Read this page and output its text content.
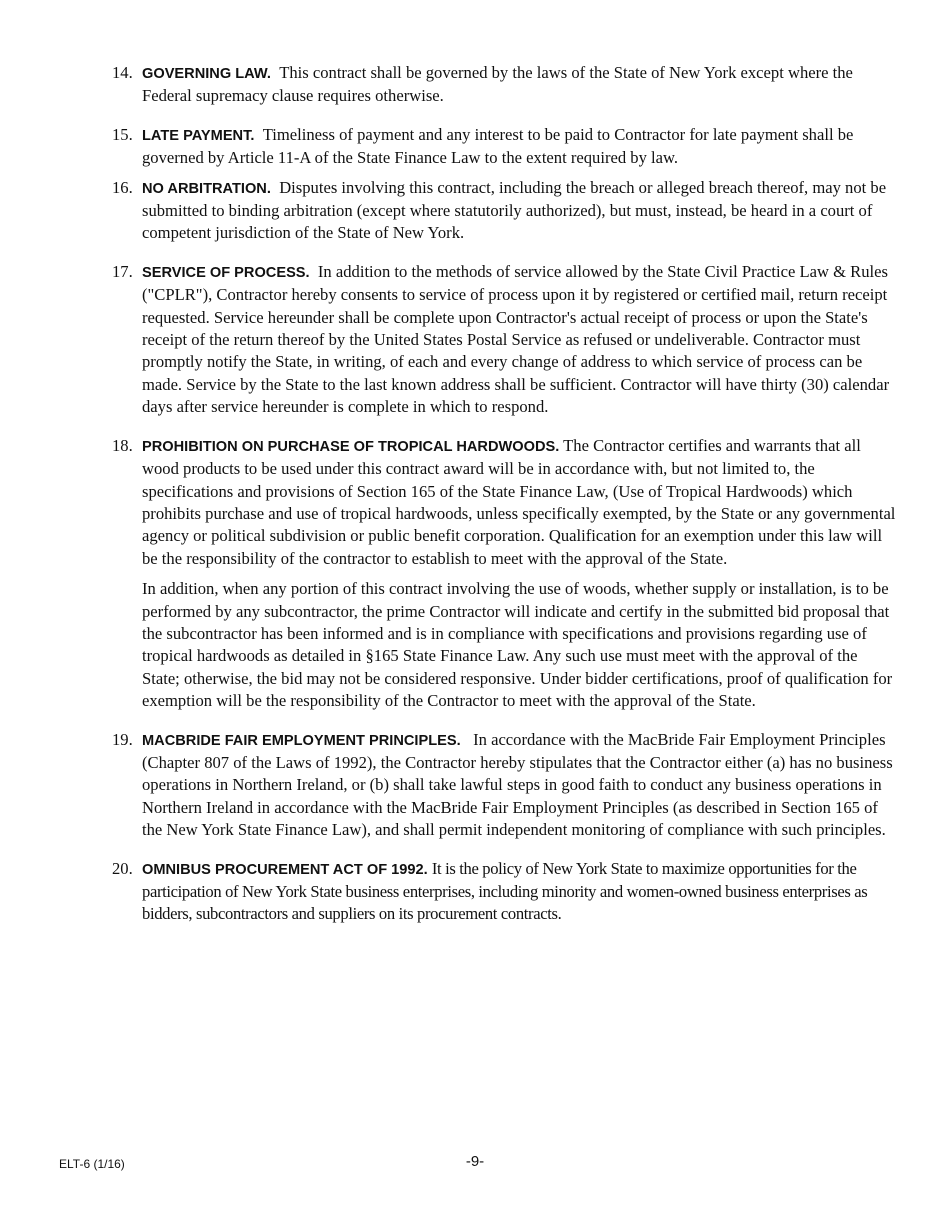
14. GOVERNING LAW. This contract shall be governed by the laws of the State of New York except where the Federal supremacy clause requires otherwise.

15. LATE PAYMENT. Timeliness of payment and any interest to be paid to Contractor for late payment shall be governed by Article 11-A of the State Finance Law to the extent required by law.

16. NO ARBITRATION. Disputes involving this contract, including the breach or alleged breach thereof, may not be submitted to binding arbitration (except where statutorily authorized), but must, instead, be heard in a court of competent jurisdiction of the State of New York.

17. SERVICE OF PROCESS. In addition to the methods of service allowed by the State Civil Practice Law & Rules ("CPLR"), Contractor hereby consents to service of process upon it by registered or certified mail, return receipt requested. Service hereunder shall be complete upon Contractor's actual receipt of process or upon the State's receipt of the return thereof by the United States Postal Service as refused or undeliverable. Contractor must promptly notify the State, in writing, of each and every change of address to which service of process can be made. Service by the State to the last known address shall be sufficient. Contractor will have thirty (30) calendar days after service hereunder is complete in which to respond.

18. PROHIBITION ON PURCHASE OF TROPICAL HARDWOODS. The Contractor certifies and warrants that all wood products to be used under this contract award will be in accordance with, but not limited to, the specifications and provisions of Section 165 of the State Finance Law, (Use of Tropical Hardwoods) which prohibits purchase and use of tropical hardwoods, unless specifically exempted, by the State or any governmental agency or political subdivision or public benefit corporation. Qualification for an exemption under this law will be the responsibility of the contractor to establish to meet with the approval of the State.

In addition, when any portion of this contract involving the use of woods, whether supply or installation, is to be performed by any subcontractor, the prime Contractor will indicate and certify in the submitted bid proposal that the subcontractor has been informed and is in compliance with specifications and provisions regarding use of tropical hardwoods as detailed in §165 State Finance Law. Any such use must meet with the approval of the State; otherwise, the bid may not be considered responsive. Under bidder certifications, proof of qualification for exemption will be the responsibility of the Contractor to meet with the approval of the State.

19. MACBRIDE FAIR EMPLOYMENT PRINCIPLES. In accordance with the MacBride Fair Employment Principles (Chapter 807 of the Laws of 1992), the Contractor hereby stipulates that the Contractor either (a) has no business operations in Northern Ireland, or (b) shall take lawful steps in good faith to conduct any business operations in Northern Ireland in accordance with the MacBride Fair Employment Principles (as described in Section 165 of the New York State Finance Law), and shall permit independent monitoring of compliance with such principles.

20. OMNIBUS PROCUREMENT ACT OF 1992. It is the policy of New York State to maximize opportunities for the participation of New York State business enterprises, including minority and women-owned business enterprises as bidders, subcontractors and suppliers on its procurement contracts.

ELT-6 (1/16)	-9-
